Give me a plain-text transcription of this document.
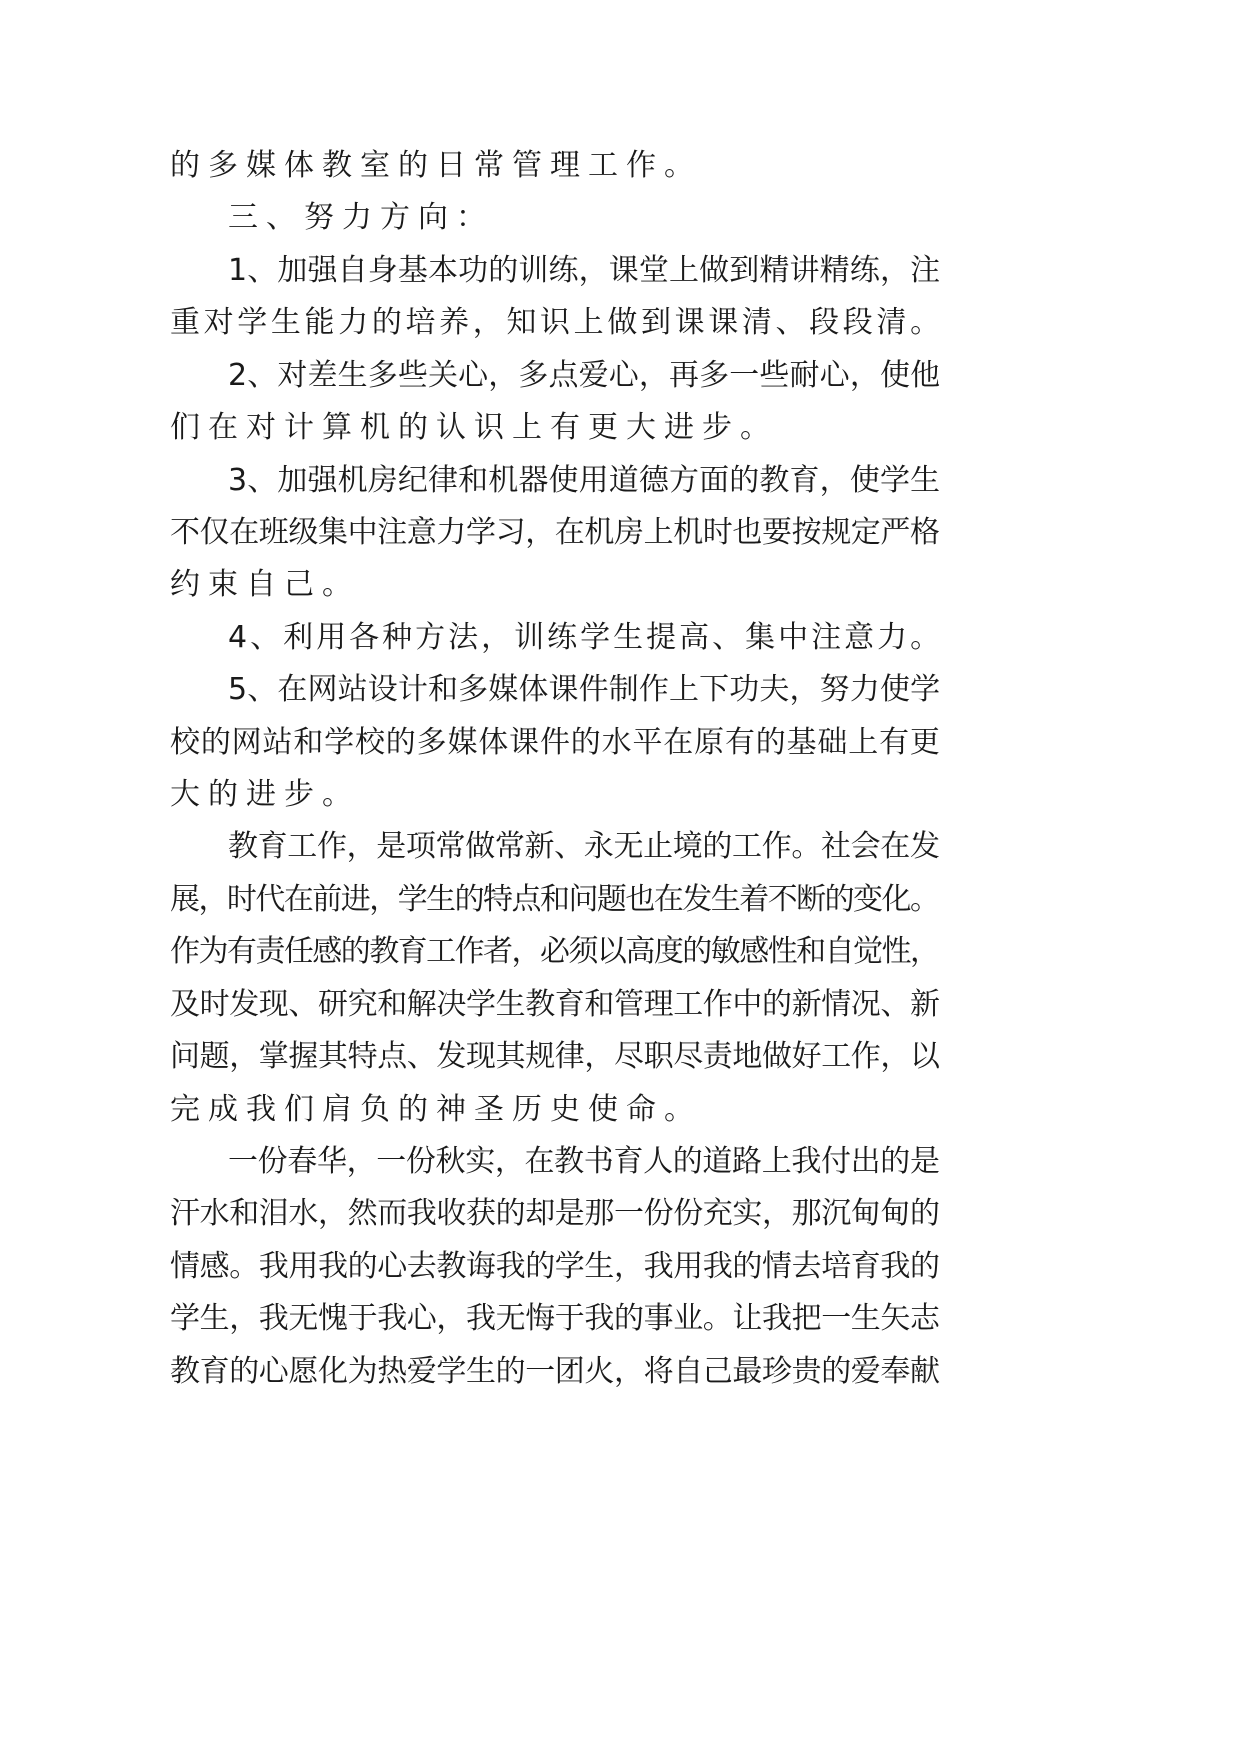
的多媒体教室的日常管理工作。
三、努力方向：
1、加强自身基本功的训练，课堂上做到精讲精练，注
重对学生能力的培养，知识上做到课课清、段段清。
2、对差生多些关心，多点爱心，再多一些耐心，使他
们在对计算机的认识上有更大进步。
3、加强机房纪律和机器使用道德方面的教育，使学生
不仅在班级集中注意力学习，在机房上机时也要按规定严格
约束自己。
4、利用各种方法，训练学生提高、集中注意力。
5、在网站设计和多媒体课件制作上下功夫，努力使学
校的网站和学校的多媒体课件的水平在原有的基础上有更
大的进步。
教育工作，是项常做常新、永无止境的工作。社会在发
展，时代在前进，学生的特点和问题也在发生着不断的变化。
作为有责任感的教育工作者，必须以高度的敏感性和自觉性，
及时发现、研究和解决学生教育和管理工作中的新情况、新
问题，掌握其特点、发现其规律，尽职尽责地做好工作，以
完成我们肩负的神圣历史使命。
一份春华，一份秋实，在教书育人的道路上我付出的是
汗水和泪水，然而我收获的却是那一份份充实，那沉甸甸的
情感。我用我的心去教诲我的学生，我用我的情去培育我的
学生，我无愧于我心，我无悔于我的事业。让我把一生矢志
教育的心愿化为热爱学生的一团火，将自己最珍贵的爱奉献
